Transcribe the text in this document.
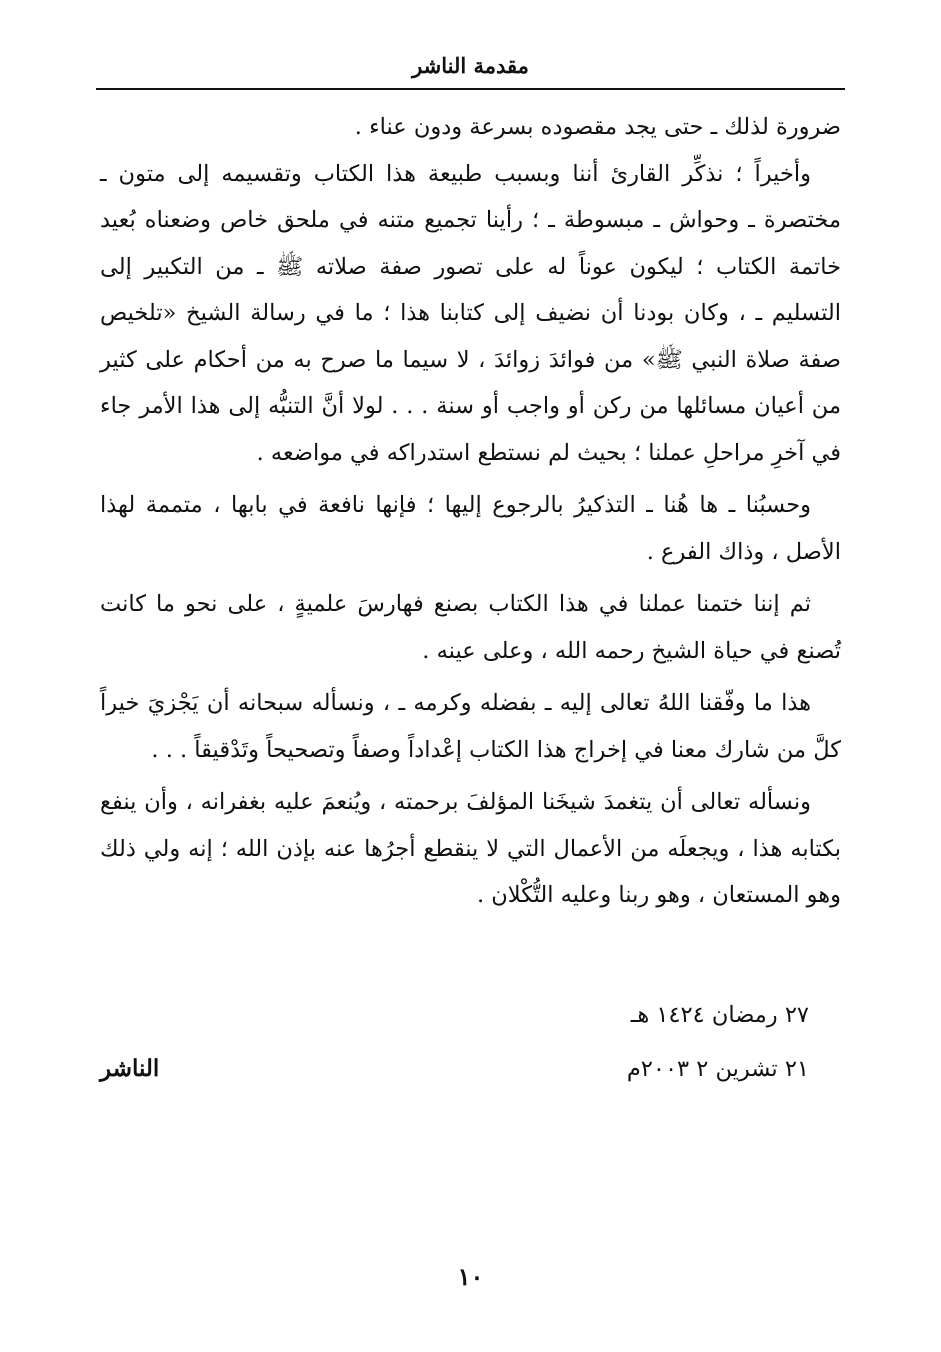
مقدمة الناشر

ضرورة لذلك ـ حتى يجد مقصوده بسرعة ودون عناء .

وأخيراً ؛ نذكِّر القارئ أننا وبسبب طبيعة هذا الكتاب وتقسيمه إلى متون ـ مختصرة ـ وحواش ـ مبسوطة ـ ؛ رأينا تجميع متنه في ملحق خاص وضعناه بُعيد خاتمة الكتاب ؛ ليكون عوناً له على تصور صفة صلاته ﷺ ـ من التكبير إلى التسليم ـ ، وكان بودنا أن نضيف إلى كتابنا هذا ؛ ما في رسالة الشيخ «تلخيص صفة صلاة النبي ﷺ» من فوائدَ زوائدَ ، لا سيما ما صرح به من أحكام على كثير من أعيان مسائلها من ركن أو واجب أو سنة . . . لولا أنَّ التنبُّه إلى هذا الأمر جاء في آخرِ مراحلِ عملنا ؛ بحيث لم نستطع استدراكه في مواضعه .

وحسبُنا ـ ها هُنا ـ التذكيرُ بالرجوع إليها ؛ فإنها نافعة في بابها ، متممة لهذا الأصل ، وذاك الفرع .

ثم إننا ختمنا عملنا في هذا الكتاب بصنع فهارسَ علميةٍ ، على نحو ما كانت تُصنع في حياة الشيخ رحمه الله ، وعلى عينه .

هذا ما وفّقنا اللهُ تعالى إليه ـ بفضله وكرمه ـ ، ونسأله سبحانه أن يَجْزيَ خيراً كلَّ من شارك معنا في إخراج هذا الكتاب إعْداداً وصفاً وتصحيحاً وتَدْقيقاً . . .

ونسأله تعالى أن يتغمدَ شيخَنا المؤلفَ برحمته ، ويُنعمَ عليه بغفرانه ، وأن ينفع بكتابه هذا ، ويجعلَه من الأعمال التي لا ينقطع أجرُها عنه بإذن الله ؛ إنه ولي ذلك وهو المستعان ، وهو ربنا وعليه التُّكْلان .

٢٧ رمضان ١٤٢٤ هـ
٢١ تشرين ٢ ٢٠٠٣م
الناشر
١٠
